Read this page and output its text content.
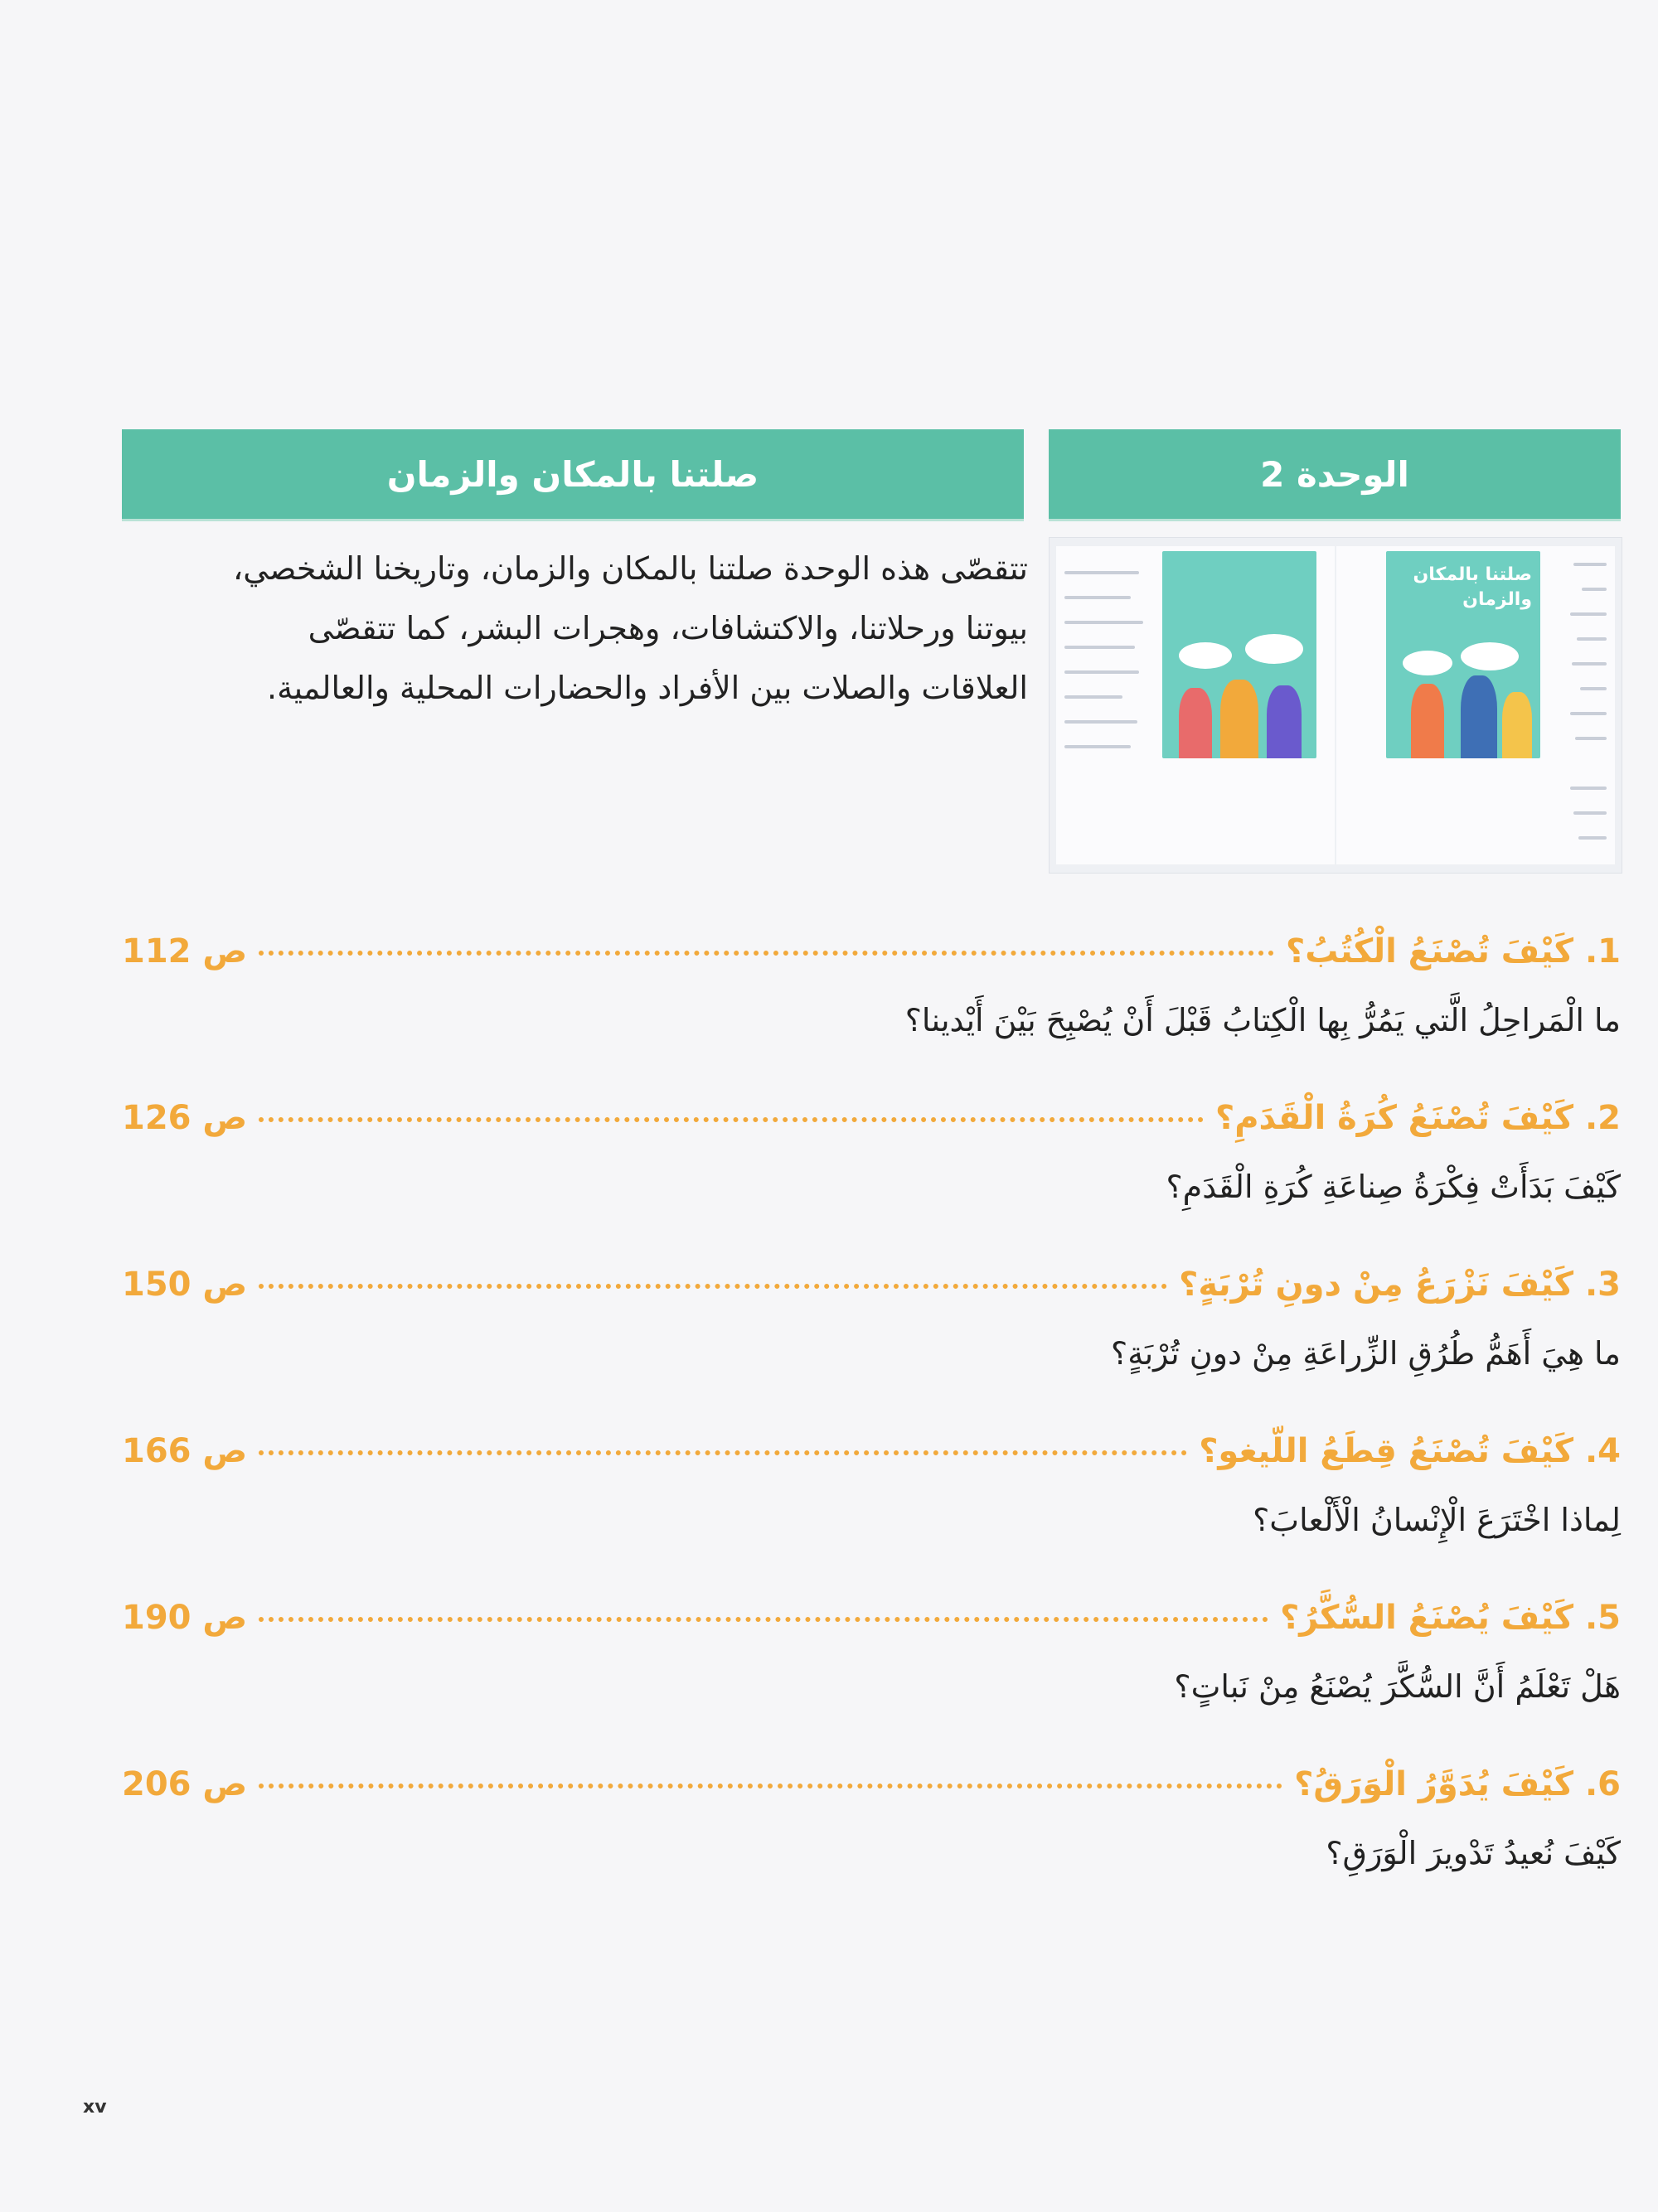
الوحدة 2
صلتنا بالمكان والزمان
صلتنا بالمكان والزمان
تتقصّى هذه الوحدة صلتنا بالمكان والزمان، وتاريخنا الشخصي، بيوتنا ورحلاتنا، والاكتشافات، وهجرات البشر، كما تتقصّى العلاقات والصلات بين الأفراد والحضارات المحلية والعالمية.
1. كَيْفَ تُصْنَعُ الْكُتُبُ؟
ص 112
ما الْمَراحِلُ الَّتي يَمُرُّ بِها الْكِتابُ قَبْلَ أَنْ يُصْبِحَ بَيْنَ أَيْدينا؟
2. كَيْفَ تُصْنَعُ كُرَةُ الْقَدَمِ؟
ص 126
كَيْفَ بَدَأَتْ فِكْرَةُ صِناعَةِ كُرَةِ الْقَدَمِ؟
3. كَيْفَ نَزْرَعُ مِنْ دونِ تُرْبَةٍ؟
ص 150
ما هِيَ أَهَمُّ طُرُقِ الزِّراعَةِ مِنْ دونِ تُرْبَةٍ؟
4. كَيْفَ تُصْنَعُ قِطَعُ اللّيغو؟
ص 166
لِماذا اخْتَرَعَ الْإِنْسانُ الْأَلْعابَ؟
5. كَيْفَ يُصْنَعُ السُّكَّرُ؟
ص 190
هَلْ تَعْلَمُ أَنَّ السُّكَّرَ يُصْنَعُ مِنْ نَباتٍ؟
6. كَيْفَ يُدَوَّرُ الْوَرَقُ؟
ص 206
كَيْفَ نُعيدُ تَدْويرَ الْوَرَقِ؟
xv
